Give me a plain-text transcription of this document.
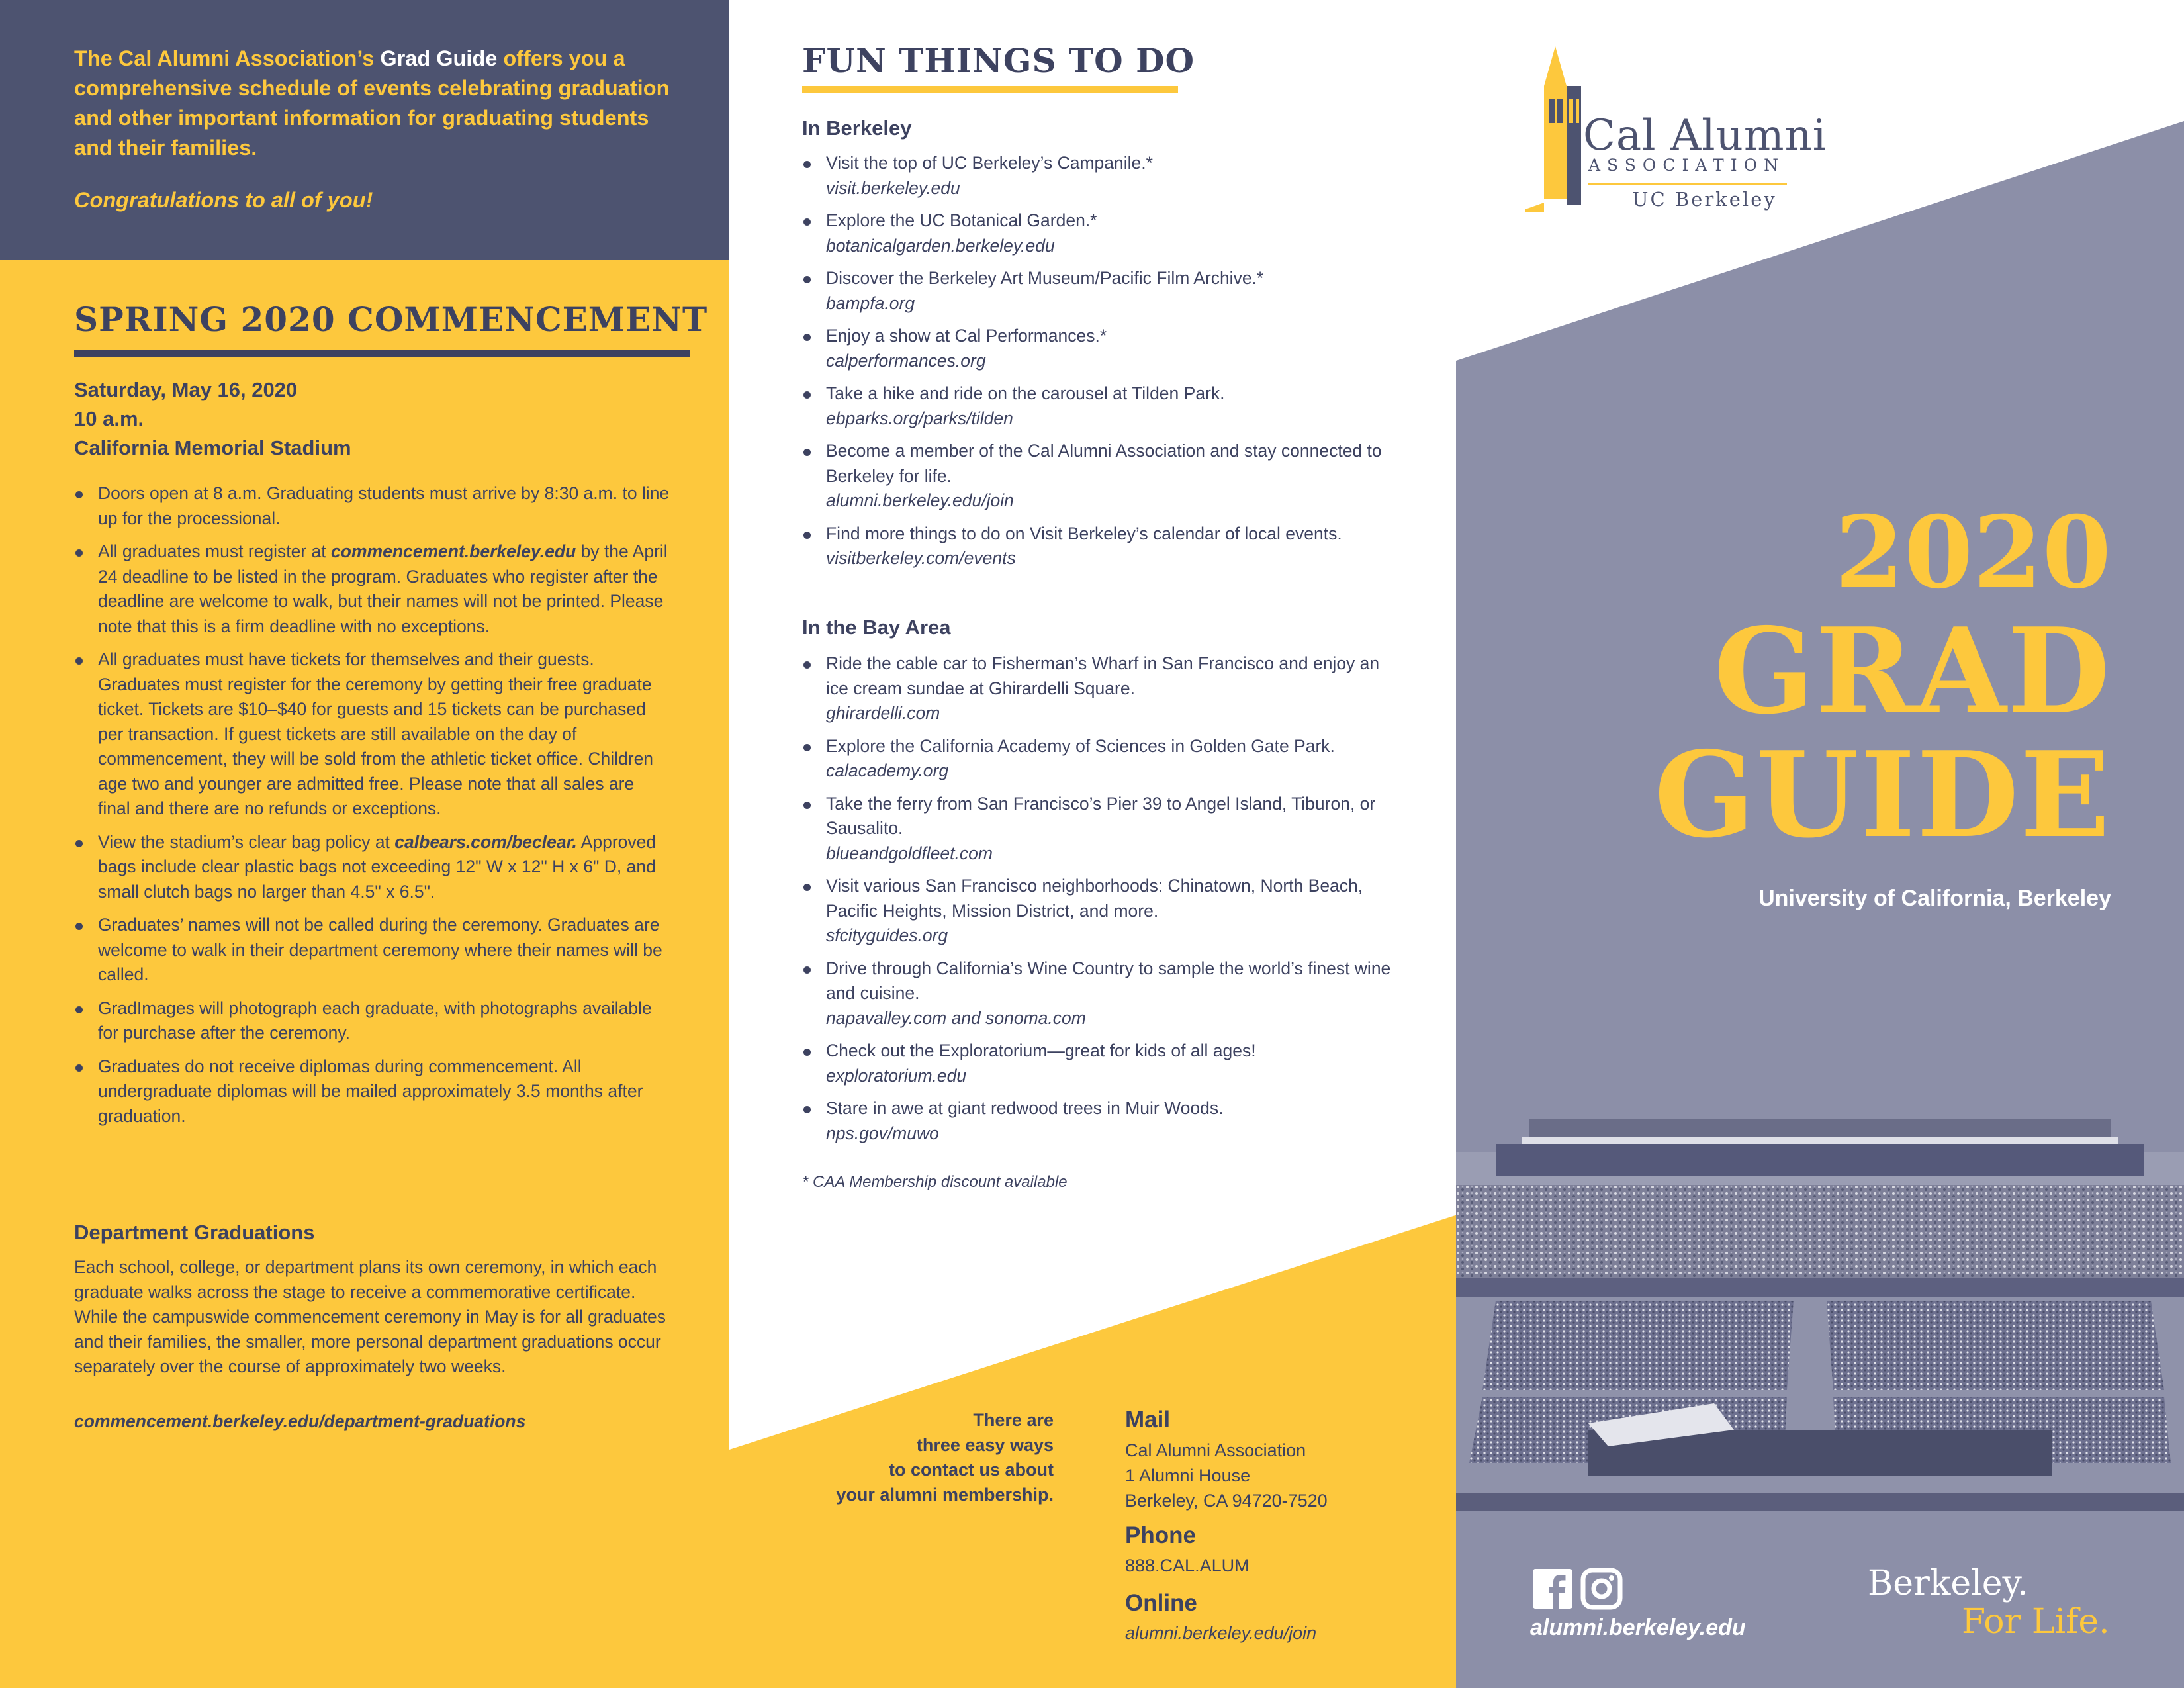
The Cal Alumni Association’s Grad Guide offers you a comprehensive schedule of events celebrating graduation and other important information for graduating students and their families.
Congratulations to all of you!
SPRING 2020 COMMENCEMENT
Saturday, May 16, 2020
10 a.m.
California Memorial Stadium
Doors open at 8 a.m. Graduating students must arrive by 8:30 a.m. to line up for the processional.
All graduates must register at commencement.berkeley.edu by the April 24 deadline to be listed in the program. Graduates who register after the deadline are welcome to walk, but their names will not be printed. Please note that this is a firm deadline with no exceptions.
All graduates must have tickets for themselves and their guests. Graduates must register for the ceremony by getting their free graduate ticket. Tickets are $10–$40 for guests and 15 tickets can be purchased per transaction. If guest tickets are still available on the day of commencement, they will be sold from the athletic ticket office. Children age two and younger are admitted free. Please note that all sales are final and there are no refunds or exceptions.
View the stadium’s clear bag policy at calbears.com/beclear. Approved bags include clear plastic bags not exceeding 12" W x 12" H x 6" D, and small clutch bags no larger than 4.5" x 6.5".
Graduates’ names will not be called during the ceremony. Graduates are welcome to walk in their department ceremony where their names will be called.
GradImages will photograph each graduate, with photographs available for purchase after the ceremony.
Graduates do not receive diplomas during commencement. All undergraduate diplomas will be mailed approximately 3.5 months after graduation.
Department Graduations
Each school, college, or department plans its own ceremony, in which each graduate walks across the stage to receive a commemorative certificate. While the campuswide commencement ceremony in May is for all graduates and their families, the smaller, more personal department graduations occur separately over the course of approximately two weeks.
commencement.berkeley.edu/department-graduations
FUN THINGS TO DO
In Berkeley
Visit the top of UC Berkeley’s Campanile.*
visit.berkeley.edu
Explore the UC Botanical Garden.*
botanicalgarden.berkeley.edu
Discover the Berkeley Art Museum/Pacific Film Archive.*
bampfa.org
Enjoy a show at Cal Performances.*
calperformances.org
Take a hike and ride on the carousel at Tilden Park.
ebparks.org/parks/tilden
Become a member of the Cal Alumni Association and stay connected to Berkeley for life.
alumni.berkeley.edu/join
Find more things to do on Visit Berkeley’s calendar of local events.
visitberkeley.com/events
In the Bay Area
Ride the cable car to Fisherman’s Wharf in San Francisco and enjoy an ice cream sundae at Ghirardelli Square.
ghirardelli.com
Explore the California Academy of Sciences in Golden Gate Park.
calacademy.org
Take the ferry from San Francisco’s Pier 39 to Angel Island, Tiburon, or Sausalito.
blueandgoldfleet.com
Visit various San Francisco neighborhoods: Chinatown, North Beach, Pacific Heights, Mission District, and more.
sfcityguides.org
Drive through California’s Wine Country to sample the world’s finest wine and cuisine.
napavalley.com and sonoma.com
Check out the Exploratorium—great for kids of all ages!
exploratorium.edu
Stare in awe at giant redwood trees in Muir Woods.
nps.gov/muwo
* CAA Membership discount available
There are
three easy ways
to contact us about
your alumni membership.
Mail
Cal Alumni Association
1 Alumni House
Berkeley, CA 94720-7520
Phone
888.CAL.ALUM
Online
alumni.berkeley.edu/join
Cal Alumni
ASSOCIATION
UC Berkeley
2020
GRAD
GUIDE
University of California, Berkeley
alumni.berkeley.edu
Berkeley.
For Life.
